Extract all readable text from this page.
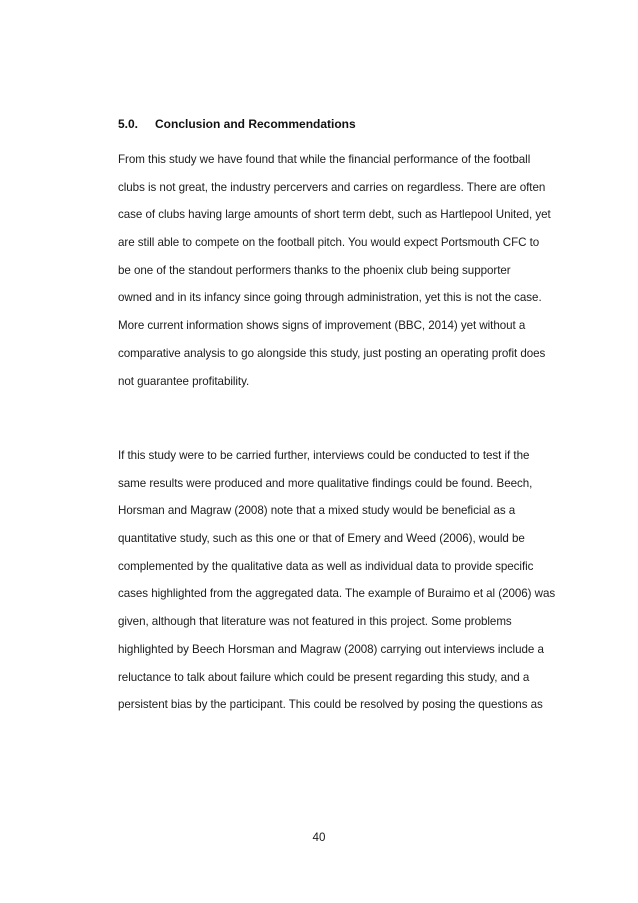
5.0. Conclusion and Recommendations
From this study we have found that while the financial performance of the football
clubs is not great, the industry percervers and carries on regardless. There are often
case of clubs having large amounts of short term debt, such as Hartlepool United, yet
are still able to compete on the football pitch. You would expect Portsmouth CFC to
be one of the standout performers thanks to the phoenix club being supporter
owned and in its infancy since going through administration, yet this is not the case.
More current information shows signs of improvement (BBC, 2014) yet without a
comparative analysis to go alongside this study, just posting an operating profit does
not guarantee profitability.
If this study were to be carried further, interviews could be conducted to test if the
same results were produced and more qualitative findings could be found. Beech,
Horsman and Magraw (2008) note that a mixed study would be beneficial as a
quantitative study, such as this one or that of Emery and Weed (2006), would be
complemented by the qualitative data as well as individual data to provide specific
cases highlighted from the aggregated data. The example of Buraimo et al (2006) was
given, although that literature was not featured in this project. Some problems
highlighted by Beech Horsman and Magraw (2008) carrying out interviews include a
reluctance to talk about failure which could be present regarding this study, and a
persistent bias by the participant. This could be resolved by posing the questions as
40
